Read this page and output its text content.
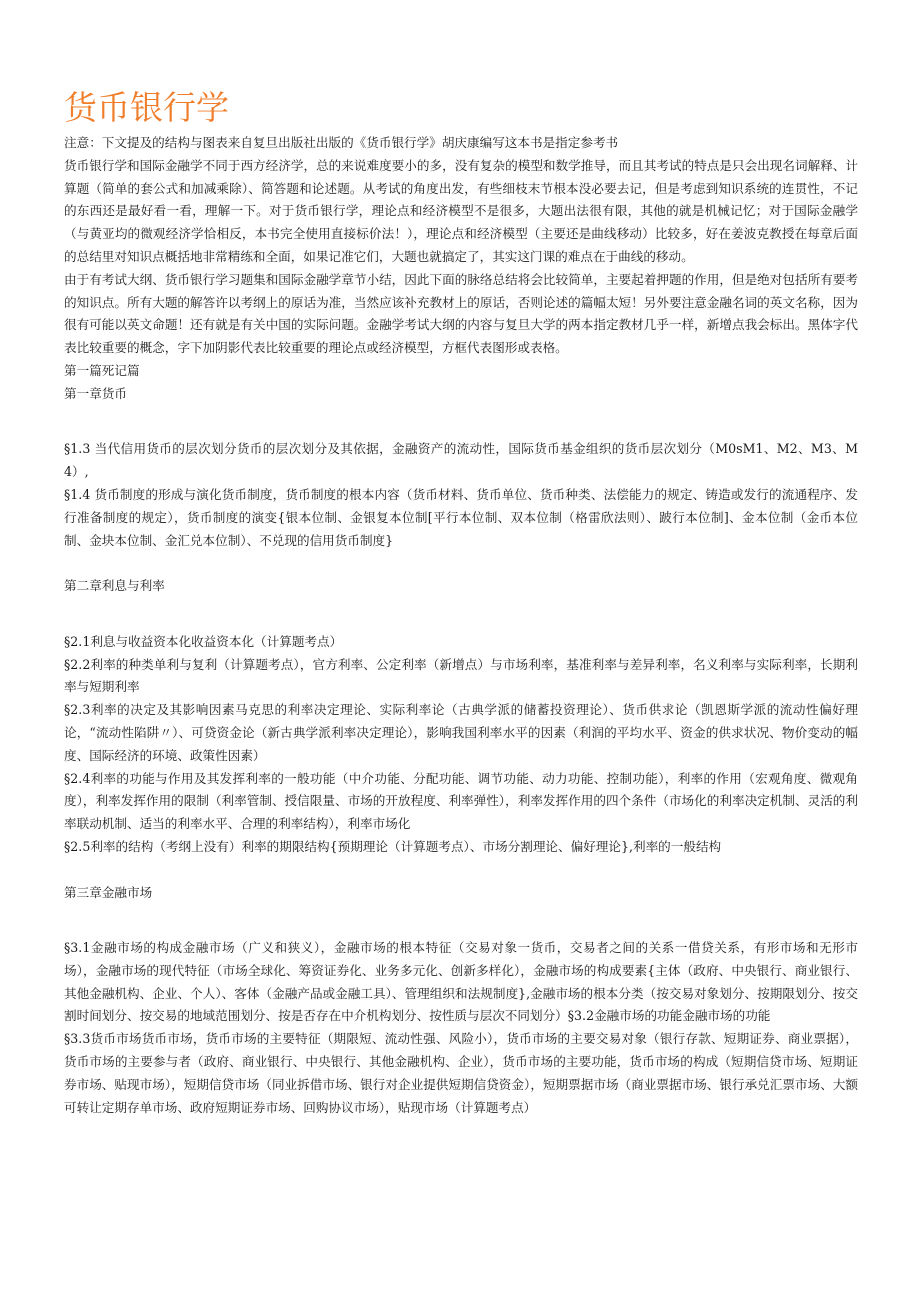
货币银行学

注意：下文提及的结构与图表来自复旦出版社出版的《货币银行学》胡庆康编写这本书是指定参考书

货币银行学和国际金融学不同于西方经济学，总的来说难度要小的多，没有复杂的模型和数学推导，而且其考试的特点是只会出现名词解释、计算题（简单的套公式和加减乘除）、简答题和论述题。从考试的角度出发，有些细枝末节根本没必要去记，但是考虑到知识系统的连贯性，不记的东西还是最好看一看，理解一下。对于货币银行学，理论点和经济模型不是很多，大题出法很有限，其他的就是机械记忆；对于国际金融学（与黄亚均的微观经济学恰相反，本书完全使用直接标价法！），理论点和经济模型（主要还是曲线移动）比较多，好在姜波克教授在每章后面的总结里对知识点概括地非常精练和全面，如果记准它们，大题也就搞定了，其实这门课的难点在于曲线的移动。

由于有考试大纲、货币银行学习题集和国际金融学章节小结，因此下面的脉络总结将会比较简单，主要起着押题的作用，但是绝对包括所有要考的知识点。所有大题的解答许以考纲上的原话为准，当然应该补充教材上的原话，否则论述的篇幅太短！另外要注意金融名词的英文名称，因为很有可能以英文命题！还有就是有关中国的实际问题。金融学考试大纲的内容与复旦大学的两本指定教材几乎一样，新增点我会标出。黑体字代表比较重要的概念，字下加阴影代表比较重要的理论点或经济模型，方框代表图形或表格。

第一篇死记篇

第一章货币

§1.3 当代信用货币的层次划分货币的层次划分及其依据，金融资产的流动性，国际货币基金组织的货币层次划分（M0sM1、M2、M3、M4）,

§1.4 货币制度的形成与演化货币制度，货币制度的根本内容（货币材料、货币单位、货币种类、法偿能力的规定、铸造或发行的流通程序、发行准备制度的规定），货币制度的演变{银本位制、金银复本位制[平行本位制、双本位制（格雷欣法则）、跛行本位制]、金本位制（金币本位制、金块本位制、金汇兑本位制）、不兑现的信用货币制度}

第二章利息与利率

§2.1利息与收益资本化收益资本化（计算题考点）

§2.2利率的种类单利与复利（计算题考点），官方利率、公定利率（新增点）与市场利率，基准利率与差异利率，名义利率与实际利率，长期利率与短期利率

§2.3利率的决定及其影响因素马克思的利率决定理论、实际利率论（古典学派的储蓄投资理论）、货币供求论（凯恩斯学派的流动性偏好理论，“流动性陷阱〃）、可贷资金论（新古典学派利率决定理论），影响我国利率水平的因素（利润的平均水平、资金的供求状况、物价变动的幅度、国际经济的环境、政策性因素）

§2.4利率的功能与作用及其发挥利率的一般功能（中介功能、分配功能、调节功能、动力功能、控制功能），利率的作用（宏观角度、微观角度），利率发挥作用的限制（利率管制、授信限量、市场的开放程度、利率弹性），利率发挥作用的四个条件（市场化的利率决定机制、灵活的利率联动机制、适当的利率水平、合理的利率结构），利率市场化

§2.5利率的结构（考纲上没有）利率的期限结构{预期理论（计算题考点）、市场分割理论、偏好理论},利率的一般结构

第三章金融市场

§3.1金融市场的构成金融市场（广义和狭义），金融市场的根本特征（交易对象一货币，交易者之间的关系一借贷关系，有形市场和无形市场），金融市场的现代特征（市场全球化、筹资证券化、业务多元化、创新多样化），金融市场的构成要素{主体（政府、中央银行、商业银行、其他金融机构、企业、个人）、客体（金融产品或金融工具）、管理组织和法规制度},金融市场的根本分类（按交易对象划分、按期限划分、按交割时间划分、按交易的地域范围划分、按是否存在中介机构划分、按性质与层次不同划分）§3.2金融市场的功能金融市场的功能

§3.3货币市场货币市场，货币市场的主要特征（期限短、流动性强、风险小），货币市场的主要交易对象（银行存款、短期证券、商业票据），货币市场的主要参与者（政府、商业银行、中央银行、其他金融机构、企业），货币市场的主要功能，货币市场的构成（短期信贷市场、短期证券市场、贴现市场），短期信贷市场（同业拆借市场、银行对企业提供短期信贷资金），短期票据市场（商业票据市场、银行承兑汇票市场、大额可转让定期存单市场、政府短期证券市场、回购协议市场），贴现市场（计算题考点）
